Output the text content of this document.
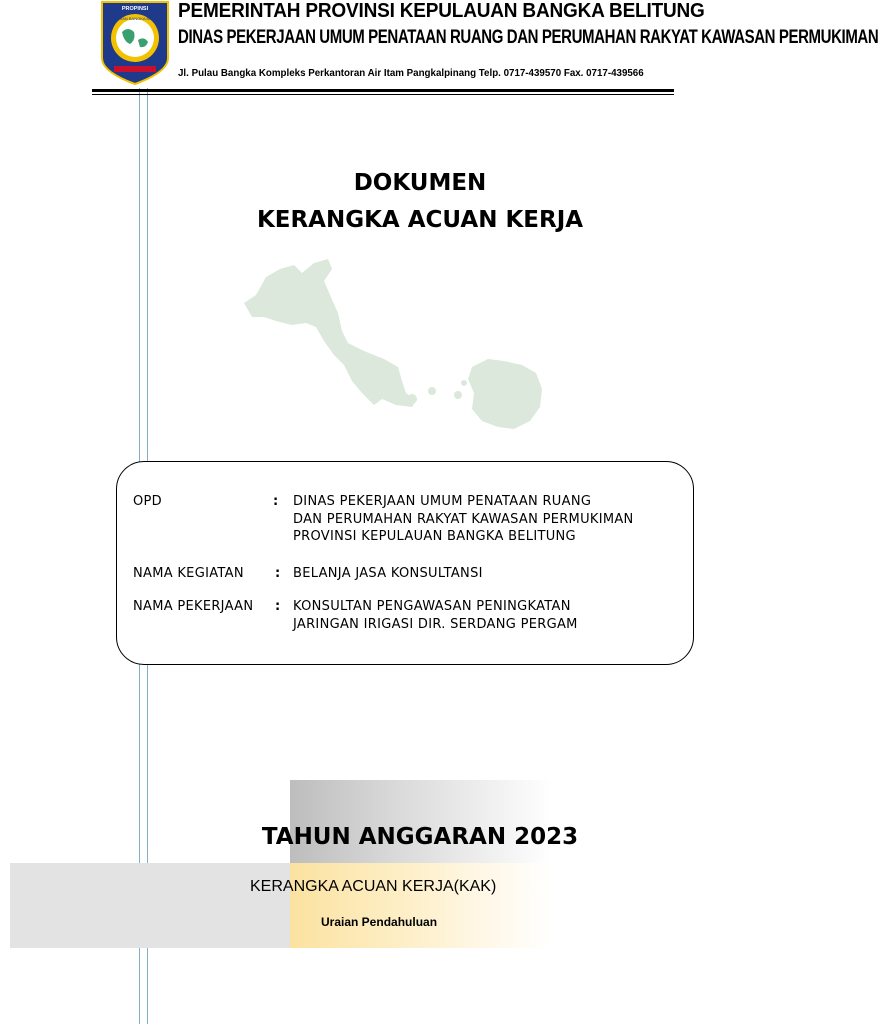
PROPINSI
KEPULAUAN BANGKA BELITUNG PEMERINTAH PROVINSI KEPULAUAN BANGKA BELITUNG
DINAS PEKERJAAN UMUM PENATAAN RUANG DAN PERUMAHAN RAKYAT KAWASAN PERMUKIMAN
Jl. Pulau Bangka Kompleks Perkantoran Air Itam Pangkalpinang Telp. 0717-439570 Fax. 0717-439566
DOKUMEN
KERANGKA ACUAN KERJA
OPD	: DINAS PEKERJAAN UMUM PENATAAN RUANG
DAN PERUMAHAN RAKYAT KAWASAN PERMUKIMAN
PROVINSI KEPULAUAN BANGKA BELITUNG
NAMA KEGIATAN : BELANJA JASA KONSULTANSI
NAMA PEKERJAAN : KONSULTAN PENGAWASAN PENINGKATAN
JARINGAN IRIGASI DIR. SERDANG PERGAM
TAHUN ANGGARAN 2023
KERANGKA ACUAN KERJA(KAK)
Uraian Pendahuluan
